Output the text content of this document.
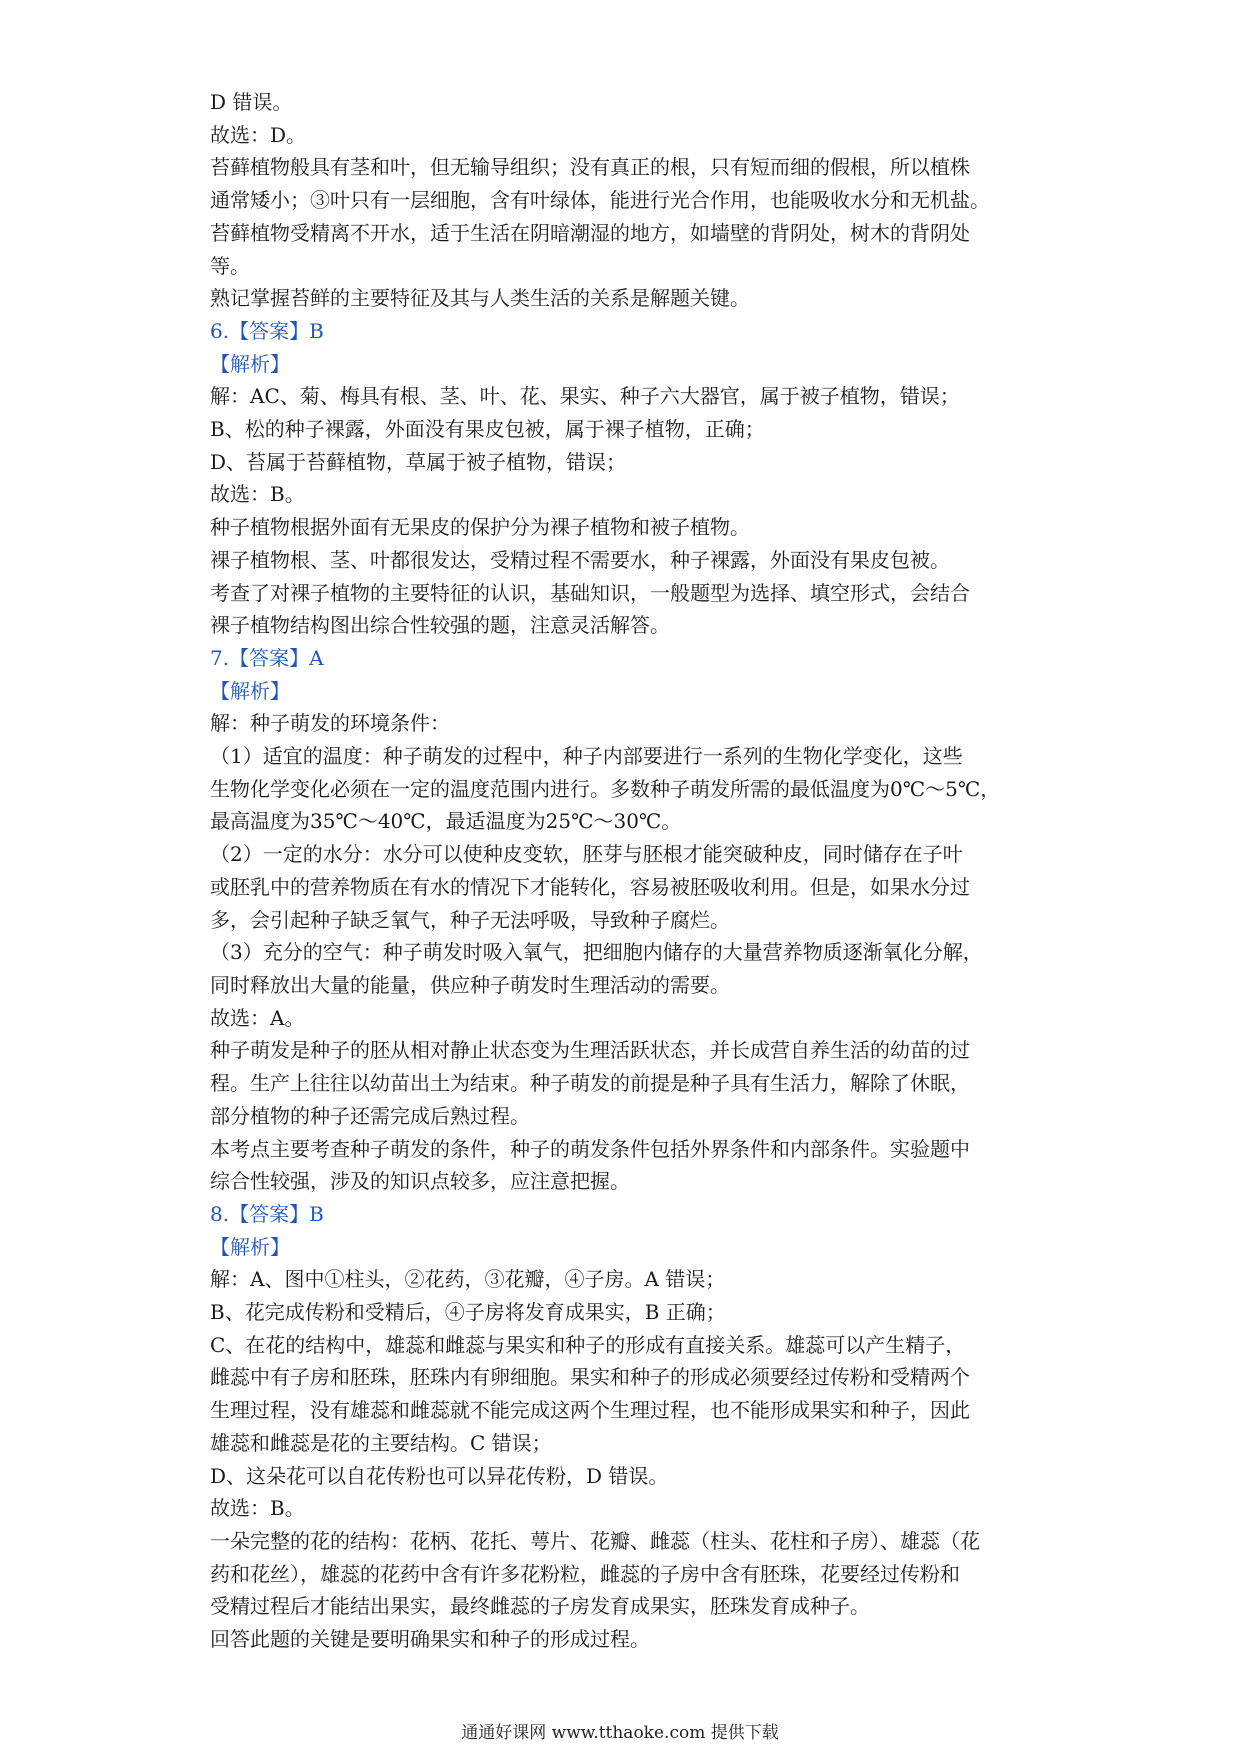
D 错误。
故选：D。
苔藓植物般具有茎和叶，但无输导组织；没有真正的根，只有短而细的假根，所以植株
通常矮小；③叶只有一层细胞，含有叶绿体，能进行光合作用，也能吸收水分和无机盐。
苔藓植物受精离不开水，适于生活在阴暗潮湿的地方，如墙壁的背阴处，树木的背阴处
等。
熟记掌握苔鲜的主要特征及其与人类生活的关系是解题关键。
6.【答案】B
【解析】
解：AC、菊、梅具有根、茎、叶、花、果实、种子六大器官，属于被子植物，错误；
B、松的种子裸露，外面没有果皮包被，属于裸子植物，正确；
D、苔属于苔藓植物，草属于被子植物，错误；
故选：B。
种子植物根据外面有无果皮的保护分为裸子植物和被子植物。
裸子植物根、茎、叶都很发达，受精过程不需要水，种子裸露，外面没有果皮包被。
考查了对裸子植物的主要特征的认识，基础知识，一般题型为选择、填空形式，会结合
裸子植物结构图出综合性较强的题，注意灵活解答。
7.【答案】A
【解析】
解：种子萌发的环境条件：
（1）适宜的温度：种子萌发的过程中，种子内部要进行一系列的生物化学变化，这些
生物化学变化必须在一定的温度范围内进行。多数种子萌发所需的最低温度为0℃～5℃，
最高温度为35℃～40℃，最适温度为25℃～30℃。
（2）一定的水分：水分可以使种皮变软，胚芽与胚根才能突破种皮，同时储存在子叶
或胚乳中的营养物质在有水的情况下才能转化，容易被胚吸收利用。但是，如果水分过
多，会引起种子缺乏氧气，种子无法呼吸，导致种子腐烂。
（3）充分的空气：种子萌发时吸入氧气，把细胞内储存的大量营养物质逐渐氧化分解，
同时释放出大量的能量，供应种子萌发时生理活动的需要。
故选：A。
种子萌发是种子的胚从相对静止状态变为生理活跃状态，并长成营自养生活的幼苗的过
程。生产上往往以幼苗出土为结束。种子萌发的前提是种子具有生活力，解除了休眠，
部分植物的种子还需完成后熟过程。
本考点主要考查种子萌发的条件，种子的萌发条件包括外界条件和内部条件。实验题中
综合性较强，涉及的知识点较多，应注意把握。
8.【答案】B
【解析】
解：A、图中①柱头，②花药，③花瓣，④子房。A 错误；
B、花完成传粉和受精后，④子房将发育成果实，B 正确；
C、在花的结构中，雄蕊和雌蕊与果实和种子的形成有直接关系。雄蕊可以产生精子，
雌蕊中有子房和胚珠，胚珠内有卵细胞。果实和种子的形成必须要经过传粉和受精两个
生理过程，没有雄蕊和雌蕊就不能完成这两个生理过程，也不能形成果实和种子，因此
雄蕊和雌蕊是花的主要结构。C 错误；
D、这朵花可以自花传粉也可以异花传粉，D 错误。
故选：B。
一朵完整的花的结构：花柄、花托、萼片、花瓣、雌蕊（柱头、花柱和子房）、雄蕊（花
药和花丝），雄蕊的花药中含有许多花粉粒，雌蕊的子房中含有胚珠，花要经过传粉和
受精过程后才能结出果实，最终雌蕊的子房发育成果实，胚珠发育成种子。
回答此题的关键是要明确果实和种子的形成过程。
通通好课网 www.tthaoke.com 提供下载
